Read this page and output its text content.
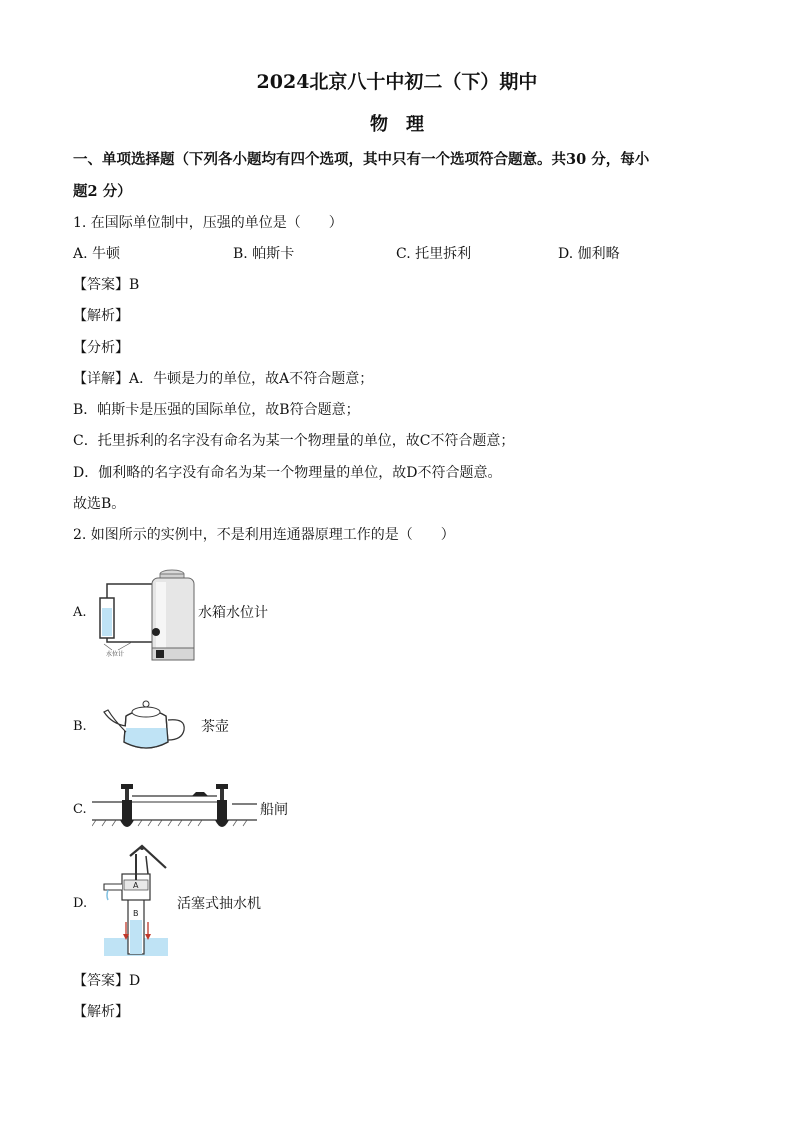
2024北京八十中初二（下）期中
物　理
一、单项选择题（下列各小题均有四个选项，其中只有一个选项符合题意。共30 分，每小
题2 分）
1. 在国际单位制中，压强的单位是（　　）
A. 牛顿	B. 帕斯卡	C. 托里拆利	D. 伽利略
【答案】B
【解析】
【分析】
【详解】A．牛顿是力的单位，故A不符合题意；
B．帕斯卡是压强的国际单位，故B符合题意；
C．托里拆利的名字没有命名为某一个物理量的单位，故C不符合题意；
D．伽利略的名字没有命名为某一个物理量的单位，故D不符合题意。
故选B。
2. 如图所示的实例中，不是利用连通器原理工作的是（　　）
A.
水位计
水箱水位计
B.	茶壶
C.	船闸
D.
A
B
活塞式抽水机
【答案】D
【解析】
